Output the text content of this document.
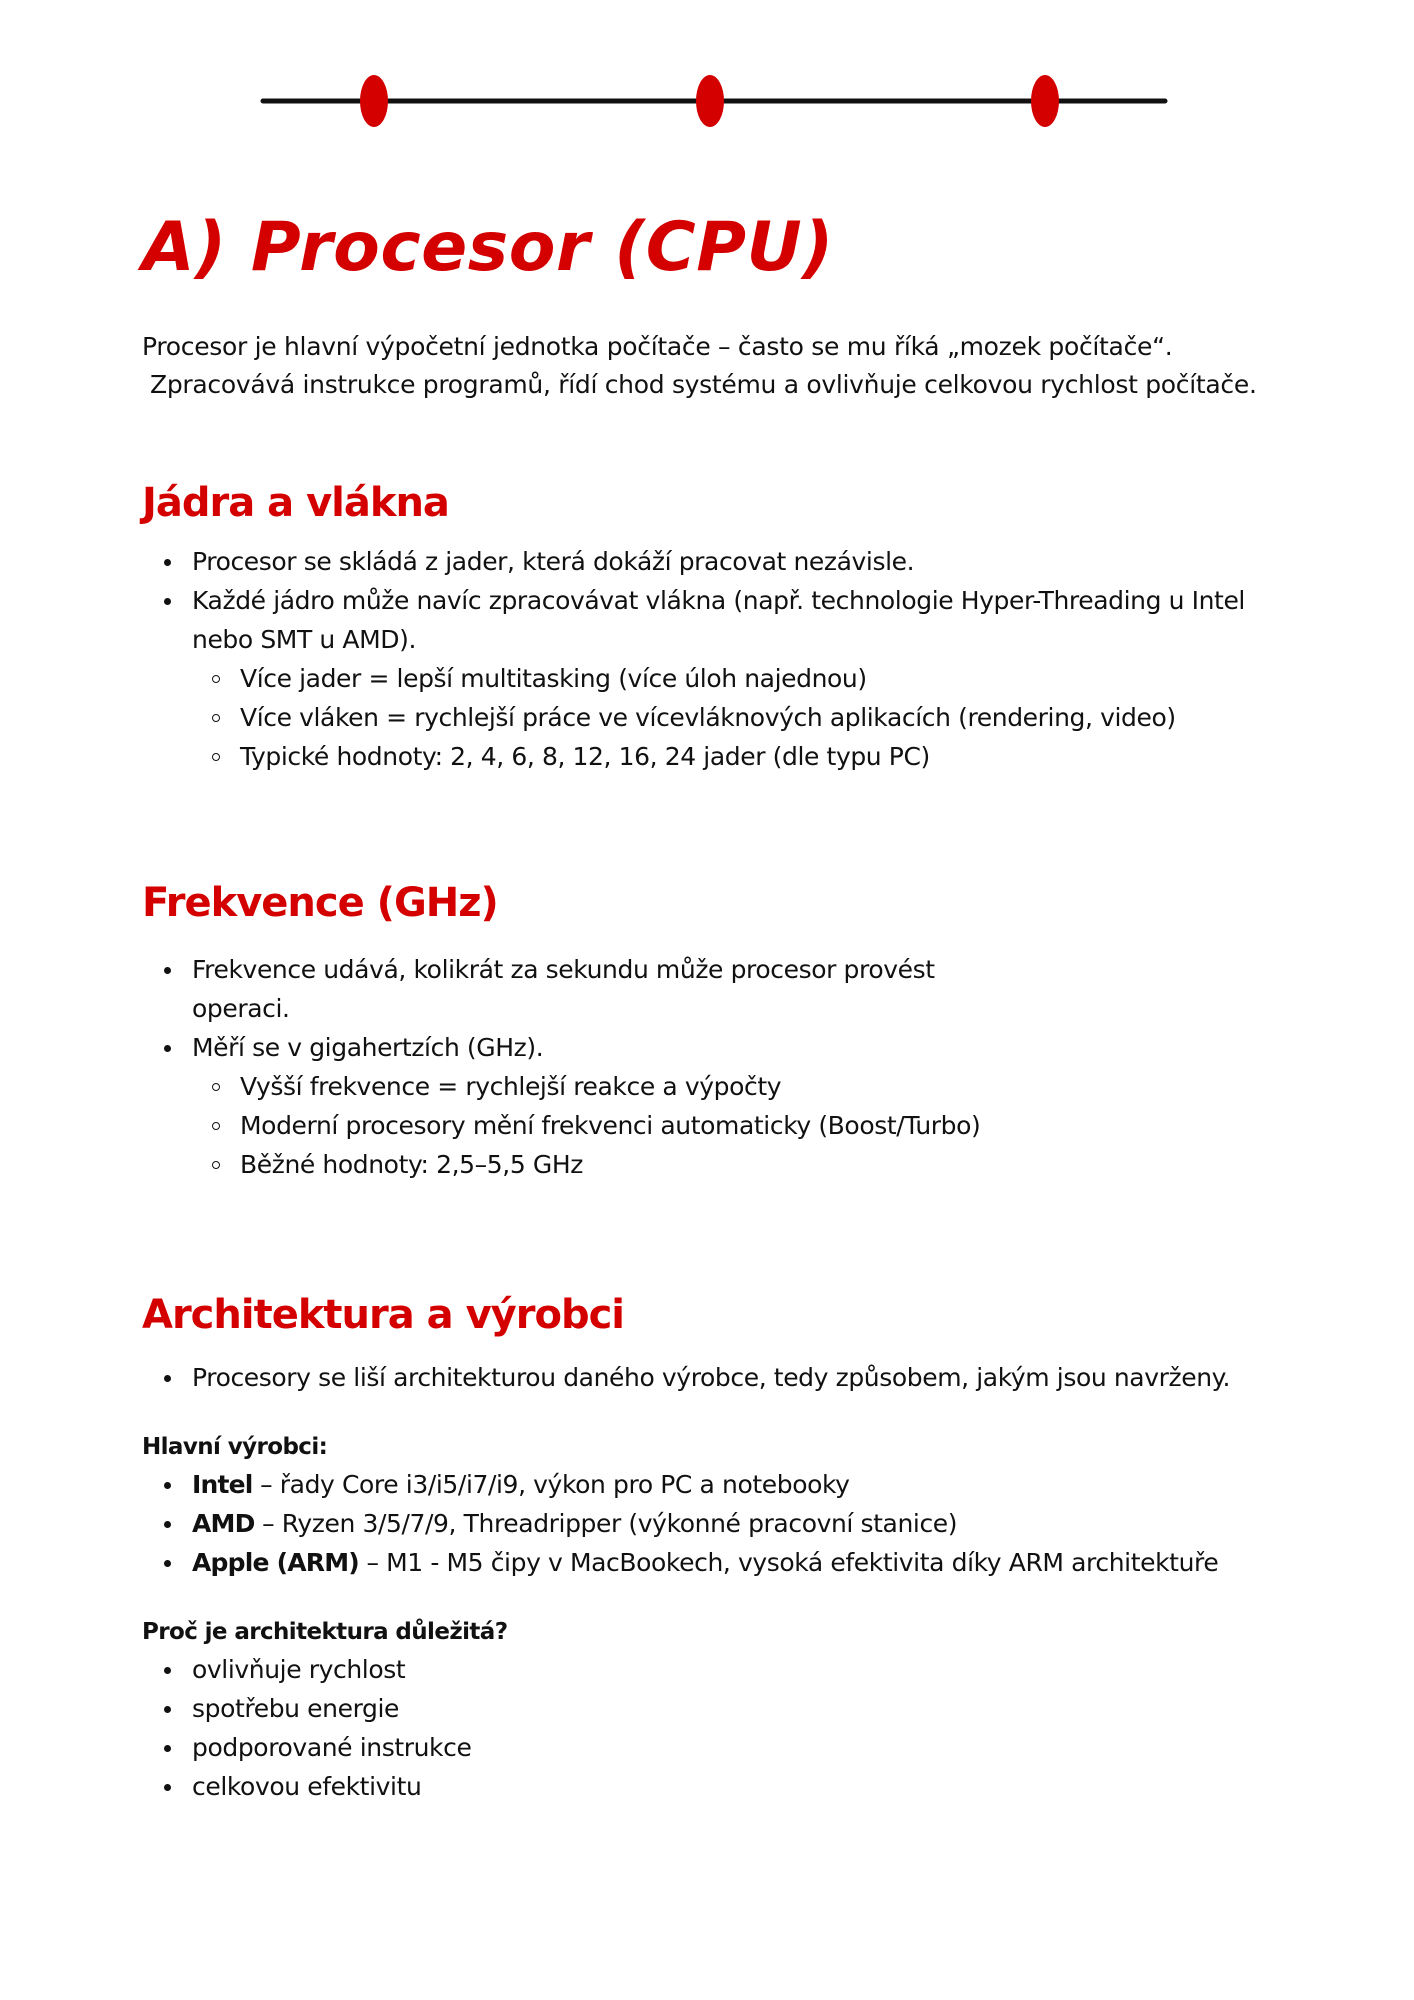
A) Procesor (CPU)

Procesor je hlavní výpočetní jednotka počítače – často se mu říká „mozek počítače“.
Zpracovává instrukce programů, řídí chod systému a ovlivňuje celkovou rychlost počítače.

Jádra a vlákna
Procesor se skládá z jader, která dokáží pracovat nezávisle.
Každé jádro může navíc zpracovávat vlákna (např. technologie Hyper-Threading u Intel nebo SMT u AMD).
Více jader = lepší multitasking (více úloh najednou)
Více vláken = rychlejší práce ve vícevláknových aplikacích (rendering, video)
Typické hodnoty: 2, 4, 6, 8, 12, 16, 24 jader (dle typu PC)
Frekvence (GHz)
Frekvence udává, kolikrát za sekundu může procesor provést
operaci.
Měří se v gigahertzích (GHz).
Vyšší frekvence = rychlejší reakce a výpočty
Moderní procesory mění frekvenci automaticky (Boost/Turbo)
Běžné hodnoty: 2,5–5,5 GHz
Architektura a výrobci
Procesory se liší architekturou daného výrobce, tedy způsobem, jakým jsou navrženy.

Hlavní výrobci:

Intel – řady Core i3/i5/i7/i9, výkon pro PC a notebooky
AMD – Ryzen 3/5/7/9, Threadripper (výkonné pracovní stanice)
Apple (ARM) – M1 - M5 čipy v MacBookech, vysoká efektivita díky ARM architektuře

Proč je architektura důležitá?

ovlivňuje rychlost
spotřebu energie
podporované instrukce
celkovou efektivitu
